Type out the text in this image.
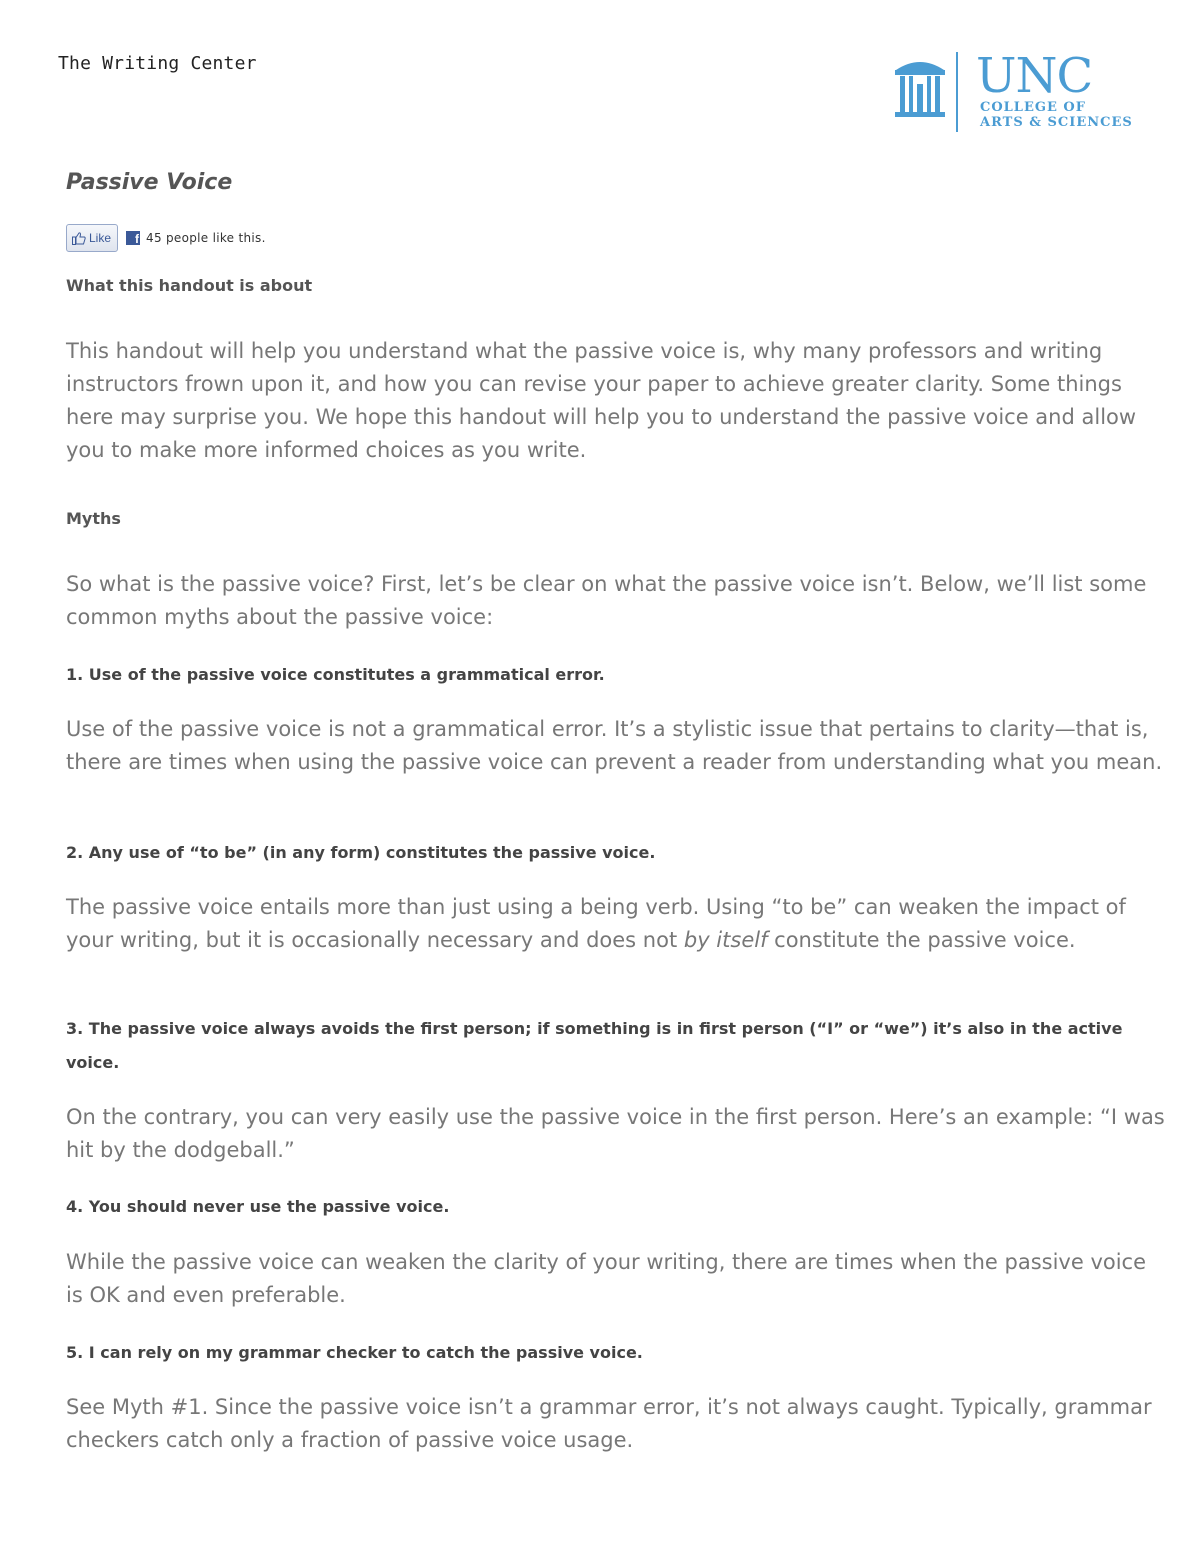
The Writing Center	UNC
COLLEGE OF
ARTS & SCIENCES
Passive Voice
Like	f 45 people like this.
What this handout is about
This handout will help you understand what the passive voice is, why many professors and writing instructors frown upon it, and how you can revise your paper to achieve greater clarity. Some things here may surprise you. We hope this handout will help you to understand the passive voice and allow you to make more informed choices as you write.
Myths
So what is the passive voice? First, let’s be clear on what the passive voice isn’t. Below, we’ll list some common myths about the passive voice:
1. Use of the passive voice constitutes a grammatical error.
Use of the passive voice is not a grammatical error. It’s a stylistic issue that pertains to clarity—that is, there are times when using the passive voice can prevent a reader from understanding what you mean.
2. Any use of “to be” (in any form) constitutes the passive voice.
The passive voice entails more than just using a being verb. Using “to be” can weaken the impact of your writing, but it is occasionally necessary and does not by itself constitute the passive voice.
3. The passive voice always avoids the first person; if something is in first person (“I” or “we”) it’s also in the active voice.
On the contrary, you can very easily use the passive voice in the first person. Here’s an example: “I was hit by the dodgeball.”
4. You should never use the passive voice.
While the passive voice can weaken the clarity of your writing, there are times when the passive voice is OK and even preferable.
5. I can rely on my grammar checker to catch the passive voice.
See Myth #1. Since the passive voice isn’t a grammar error, it’s not always caught. Typically, grammar checkers catch only a fraction of passive voice usage.
